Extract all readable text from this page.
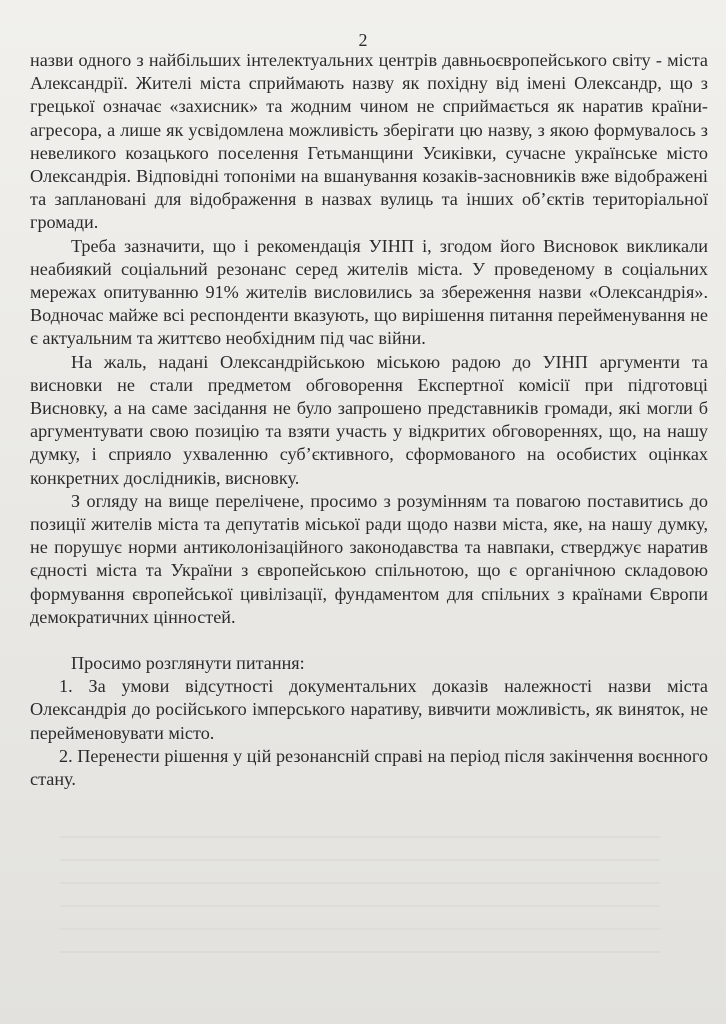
2

назви одного з найбільших інтелектуальних центрів давньоєвропейського світу - міста Александрії. Жителі міста сприймають назву як похідну від імені Олександр, що з грецької означає «захисник» та жодним чином не сприймається як наратив країни-агресора, а лише як усвідомлена можливість зберігати цю назву, з якою формувалось з невеликого козацького поселення Гетьманщини Усиківки, сучасне українське місто Олександрія. Відповідні топоніми на вшанування козаків-засновників вже відображені та заплановані для відображення в назвах вулиць та інших об’єктів територіальної громади.

Треба зазначити, що і рекомендація УІНП і, згодом його Висновок викликали неабиякий соціальний резонанс серед жителів міста. У проведеному в соціальних мережах опитуванню 91% жителів висловились за збереження назви «Олександрія». Водночас майже всі респонденти вказують, що вирішення питання перейменування не є актуальним та життєво необхідним під час війни.

На жаль, надані Олександрійською міською радою до УІНП аргументи та висновки не стали предметом обговорення Експертної комісії при підготовці Висновку, а на саме засідання не було запрошено представників громади, які могли б аргументувати свою позицію та взяти участь у відкритих обговореннях, що, на нашу думку, і сприяло ухваленню суб’єктивного, сформованого на особистих оцінках конкретних дослідників, висновку.

З огляду на вище перелічене, просимо з розумінням та повагою поставитись до позиції жителів міста та депутатів міської ради щодо назви міста, яке, на нашу думку, не порушує норми антиколонізаційного законодавства та навпаки, стверджує наратив єдності міста та України з європейською спільнотою, що є органічною складовою формування європейської цивілізації, фундаментом для спільних з країнами Європи демократичних цінностей.

Просимо розглянути питання:

1. За умови відсутності документальних доказів належності назви міста Олександрія до російського імперського наративу, вивчити можливість, як виняток, не перейменовувати місто.

2. Перенести рішення у цій резонансній справі на період після закінчення воєнного стану.
